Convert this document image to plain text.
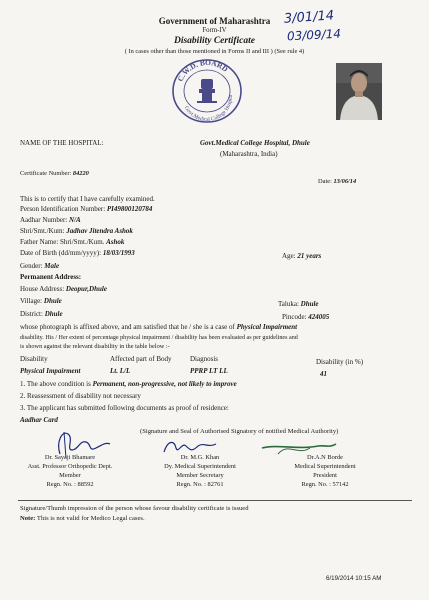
Government of Maharashtra
Form-IV
Disability Certificate
( In cases other than those mentioned in Forms II and III ) (See rule 4)
3/01/14
03/09/14
C.W.D. BOARD
Govt.Medical College Hospita
NAME OF THE HOSPITAL:	Govt.Medical College Hospital, Dhule
(Maharashtra, India)
Certificate Number: 84220
Date: 13/06/14
This is to certify that I have carefully examined.
Person Identification Number: PI49800120784
Aadhar Number: N/A
Shri/Smt./Kum: Jadhav Jitendra Ashok
Father Name: Shri/Smt./Kum. Ashok
Date of Birth (dd/mm/yyyy): 18/03/1993	Age: 21 years
Gender: Male
Permanent Address:
House Address: Deopur,Dhule
Village: Dhule	Taluka: Dhule
District: Dhule	Pincode: 424005
whose photograph is affixed above, and am satisfied that he / she is a case of Physical Impairment
disability. His / Her extent of percentage physical impairment / disability has been evaluated as per guidelines and
is shown against the relevant disability in the table below :-
Disability	Affected part of Body	Diagnosis	Disability (in %)
Physical Impairment	Lt. L/L	PPRP LT LL	41
1. The above condition is Permanent, non-progressive, not likely to improve
2. Reassessment of disability not necessary
3. The applicant has submitted following documents as proof of residence:
Aadhar Card
(Signature and Seal of Authorised Signatory of notified Medical Authority)
Dr. Sayaji Bhamare
Asst. Professor Orthopedic Dept.
Member
Regn. No. : 88592
Dr. M.G. Khan
Dy. Medical Superintendent
Member Secretary
Regn. No. : 82761
Dr.A.N Borde
Medical Superintendent
President
Regn. No. : 57142
Signature/Thumb impression of the person whose favour disability certificate is issued
Note: This is not valid for Medico Legal cases.
6/19/2014 10:15 AM
